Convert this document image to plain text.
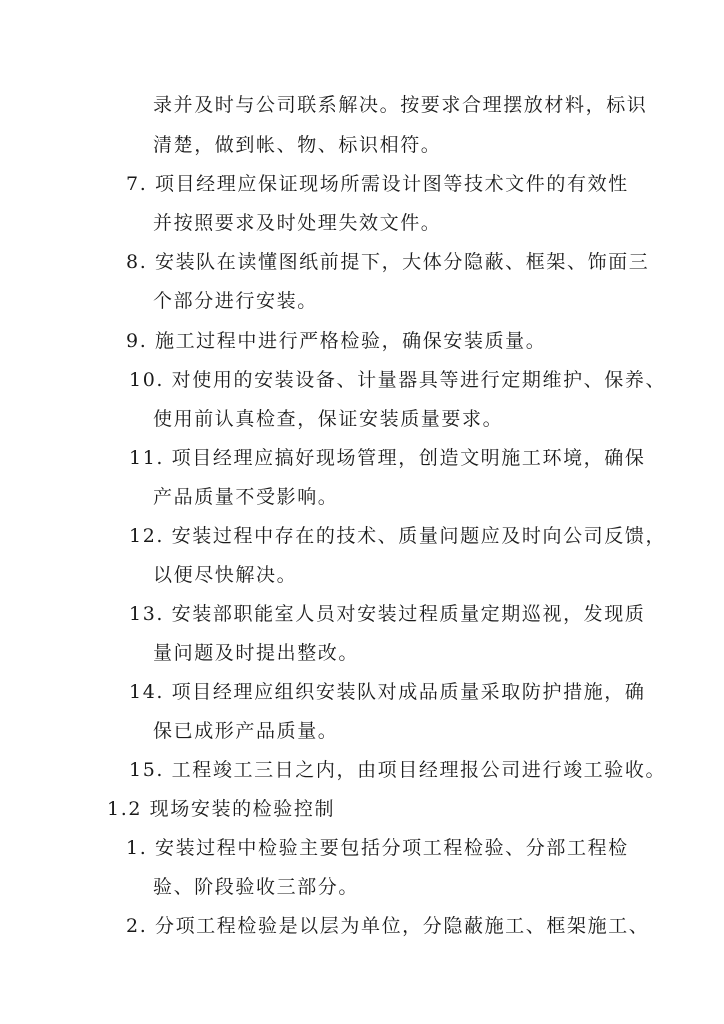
录并及时与公司联系解决。按要求合理摆放材料，标识
清楚，做到帐、物、标识相符。
7. 项目经理应保证现场所需设计图等技术文件的有效性
并按照要求及时处理失效文件。
8. 安装队在读懂图纸前提下，大体分隐蔽、框架、饰面三
个部分进行安装。
9. 施工过程中进行严格检验，确保安装质量。
10. 对使用的安装设备、计量器具等进行定期维护、保养、
使用前认真检查，保证安装质量要求。
11. 项目经理应搞好现场管理，创造文明施工环境，确保
产品质量不受影响。
12. 安装过程中存在的技术、质量问题应及时向公司反馈，
以便尽快解决。
13. 安装部职能室人员对安装过程质量定期巡视，发现质
量问题及时提出整改。
14. 项目经理应组织安装队对成品质量采取防护措施，确
保已成形产品质量。
15. 工程竣工三日之内，由项目经理报公司进行竣工验收。
1.2 现场安装的检验控制
1. 安装过程中检验主要包括分项工程检验、分部工程检
验、阶段验收三部分。
2. 分项工程检验是以层为单位，分隐蔽施工、框架施工、
